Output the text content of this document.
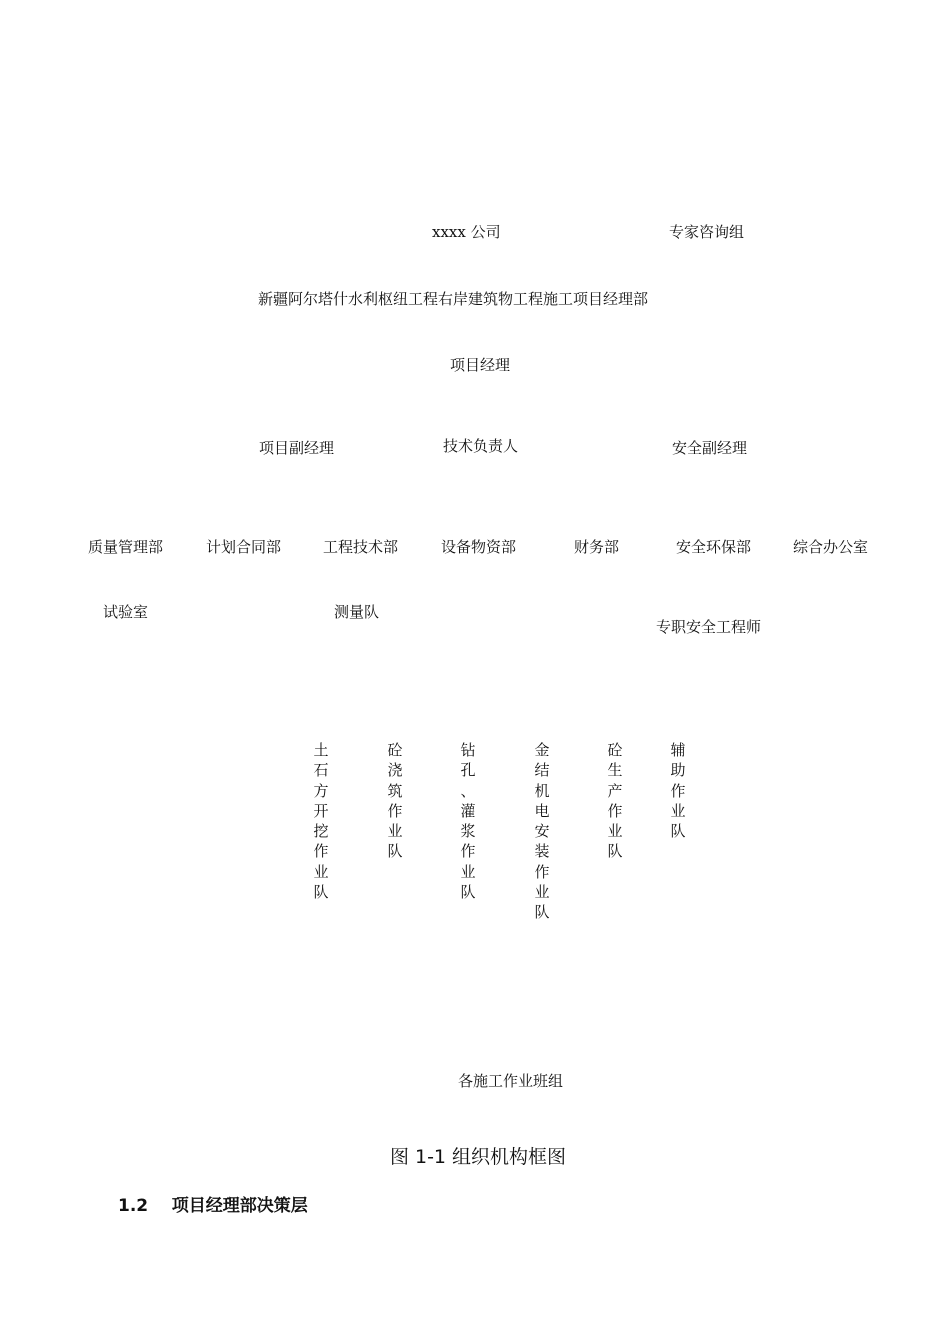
xxxx 公司	专家咨询组
新疆阿尔塔什水利枢纽工程右岸建筑物工程施工项目经理部
项目经理
项目副经理	技术负责人	安全副经理
质量管理部	计划合同部	工程技术部	设备物资部	财务部	安全环保部	综合办公室
试验室	测量队
专职安全工程师
土
石
方
开
挖
作
业
队
砼
浇
筑
作
业
队
钻
孔
、
灌
浆
作
业
队
金
结
机
电
安
装
作
业
队
砼
生
产
作
业
队
辅
助
作
业
队
各施工作业班组
图 1-1 组织机构框图
1.2    项目经理部决策层
